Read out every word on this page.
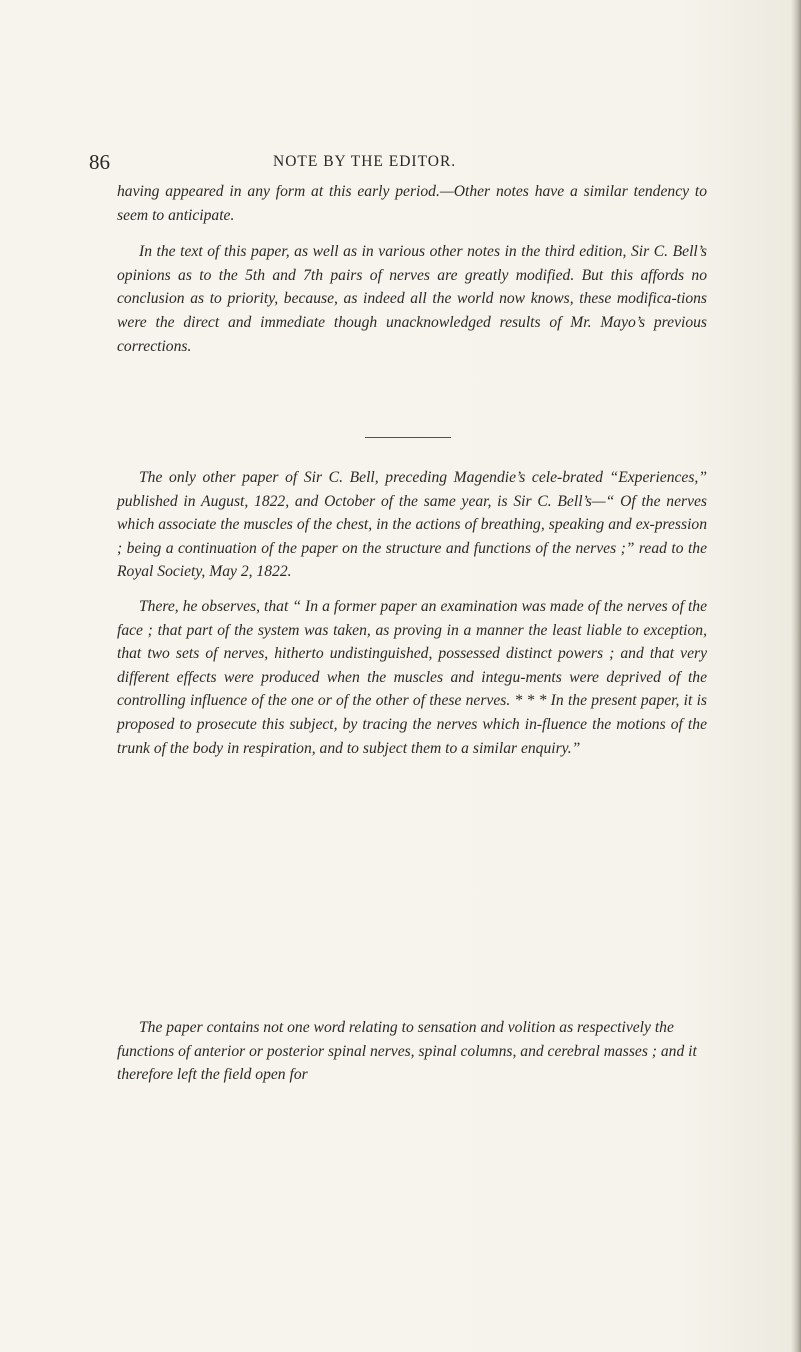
86	NOTE BY THE EDITOR.

having appeared in any form at this early period.—Other notes have a similar tendency to seem to anticipate.

In the text of this paper, as well as in various other notes in the third edition, Sir C. Bell’s opinions as to the 5th and 7th pairs of nerves are greatly modified. But this affords no conclusion as to priority, because, as indeed all the world now knows, these modifica-tions were the direct and immediate though unacknowledged results of Mr. Mayo’s previous corrections.

The only other paper of Sir C. Bell, preceding Magendie’s cele-brated “Experiences,” published in August, 1822, and October of the same year, is Sir C. Bell’s—“ Of the nerves which associate the muscles of the chest, in the actions of breathing, speaking and ex-pression ; being a continuation of the paper on the structure and functions of the nerves ;” read to the Royal Society, May 2, 1822.

There, he observes, that “ In a former paper an examination was made of the nerves of the face ; that part of the system was taken, as proving in a manner the least liable to exception, that two sets of nerves, hitherto undistinguished, possessed distinct powers ; and that very different effects were produced when the muscles and integu-ments were deprived of the controlling influence of the one or of the other of these nerves. * * * In the present paper, it is proposed to prosecute this subject, by tracing the nerves which in-fluence the motions of the trunk of the body in respiration, and to subject them to a similar enquiry.”

The paper contains not one word relating to sensation and volition as respectively the functions of anterior or posterior spinal nerves, spinal columns, and cerebral masses ; and it therefore left the field open for
